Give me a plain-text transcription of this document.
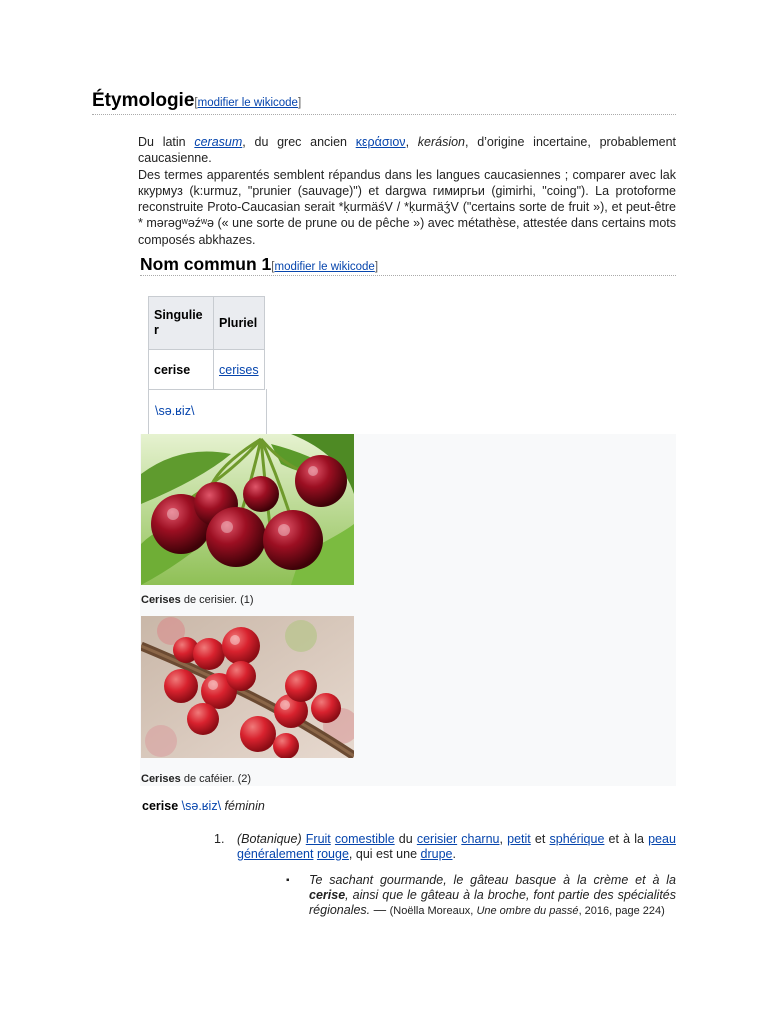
Étymologie[modifier le wikicode]
Du latin cerasum, du grec ancien κεράσιον, kerásion, d’origine incertaine, probablement caucasienne.
Des termes apparentés semblent répandus dans les langues caucasiennes ; comparer avec lak ккурмуз (k:urmuz, "prunier (sauvage)") et dargwa гимиргьи (gimirhi, "coing"). La protoforme reconstruite Proto-Caucasian serait *ḳurmäśV / *ḳurmäʒ́V ("certains sorte de fruit »), et peut-être * mərəgʷəźʷə (« une sorte de prune ou de pêche ») avec métathèse, attestée dans certains mots composés abkhazes.
Nom commun 1[modifier le wikicode]
Singulie r	Pluriel
cerise	cerises
\sə.ʁiz\
Cerises de cerisier. (1)
Cerises de caféier. (2)
cerise \sə.ʁiz\ féminin
1. (Botanique) Fruit comestible du cerisier charnu, petit et sphérique et à la peau généralement rouge, qui est une drupe.
▪ Te sachant gourmande, le gâteau basque à la crème et à la cerise, ainsi que le gâteau à la broche, font partie des spécialités régionales. — (Noëlla Moreaux, Une ombre du passé, 2016, page 224)
